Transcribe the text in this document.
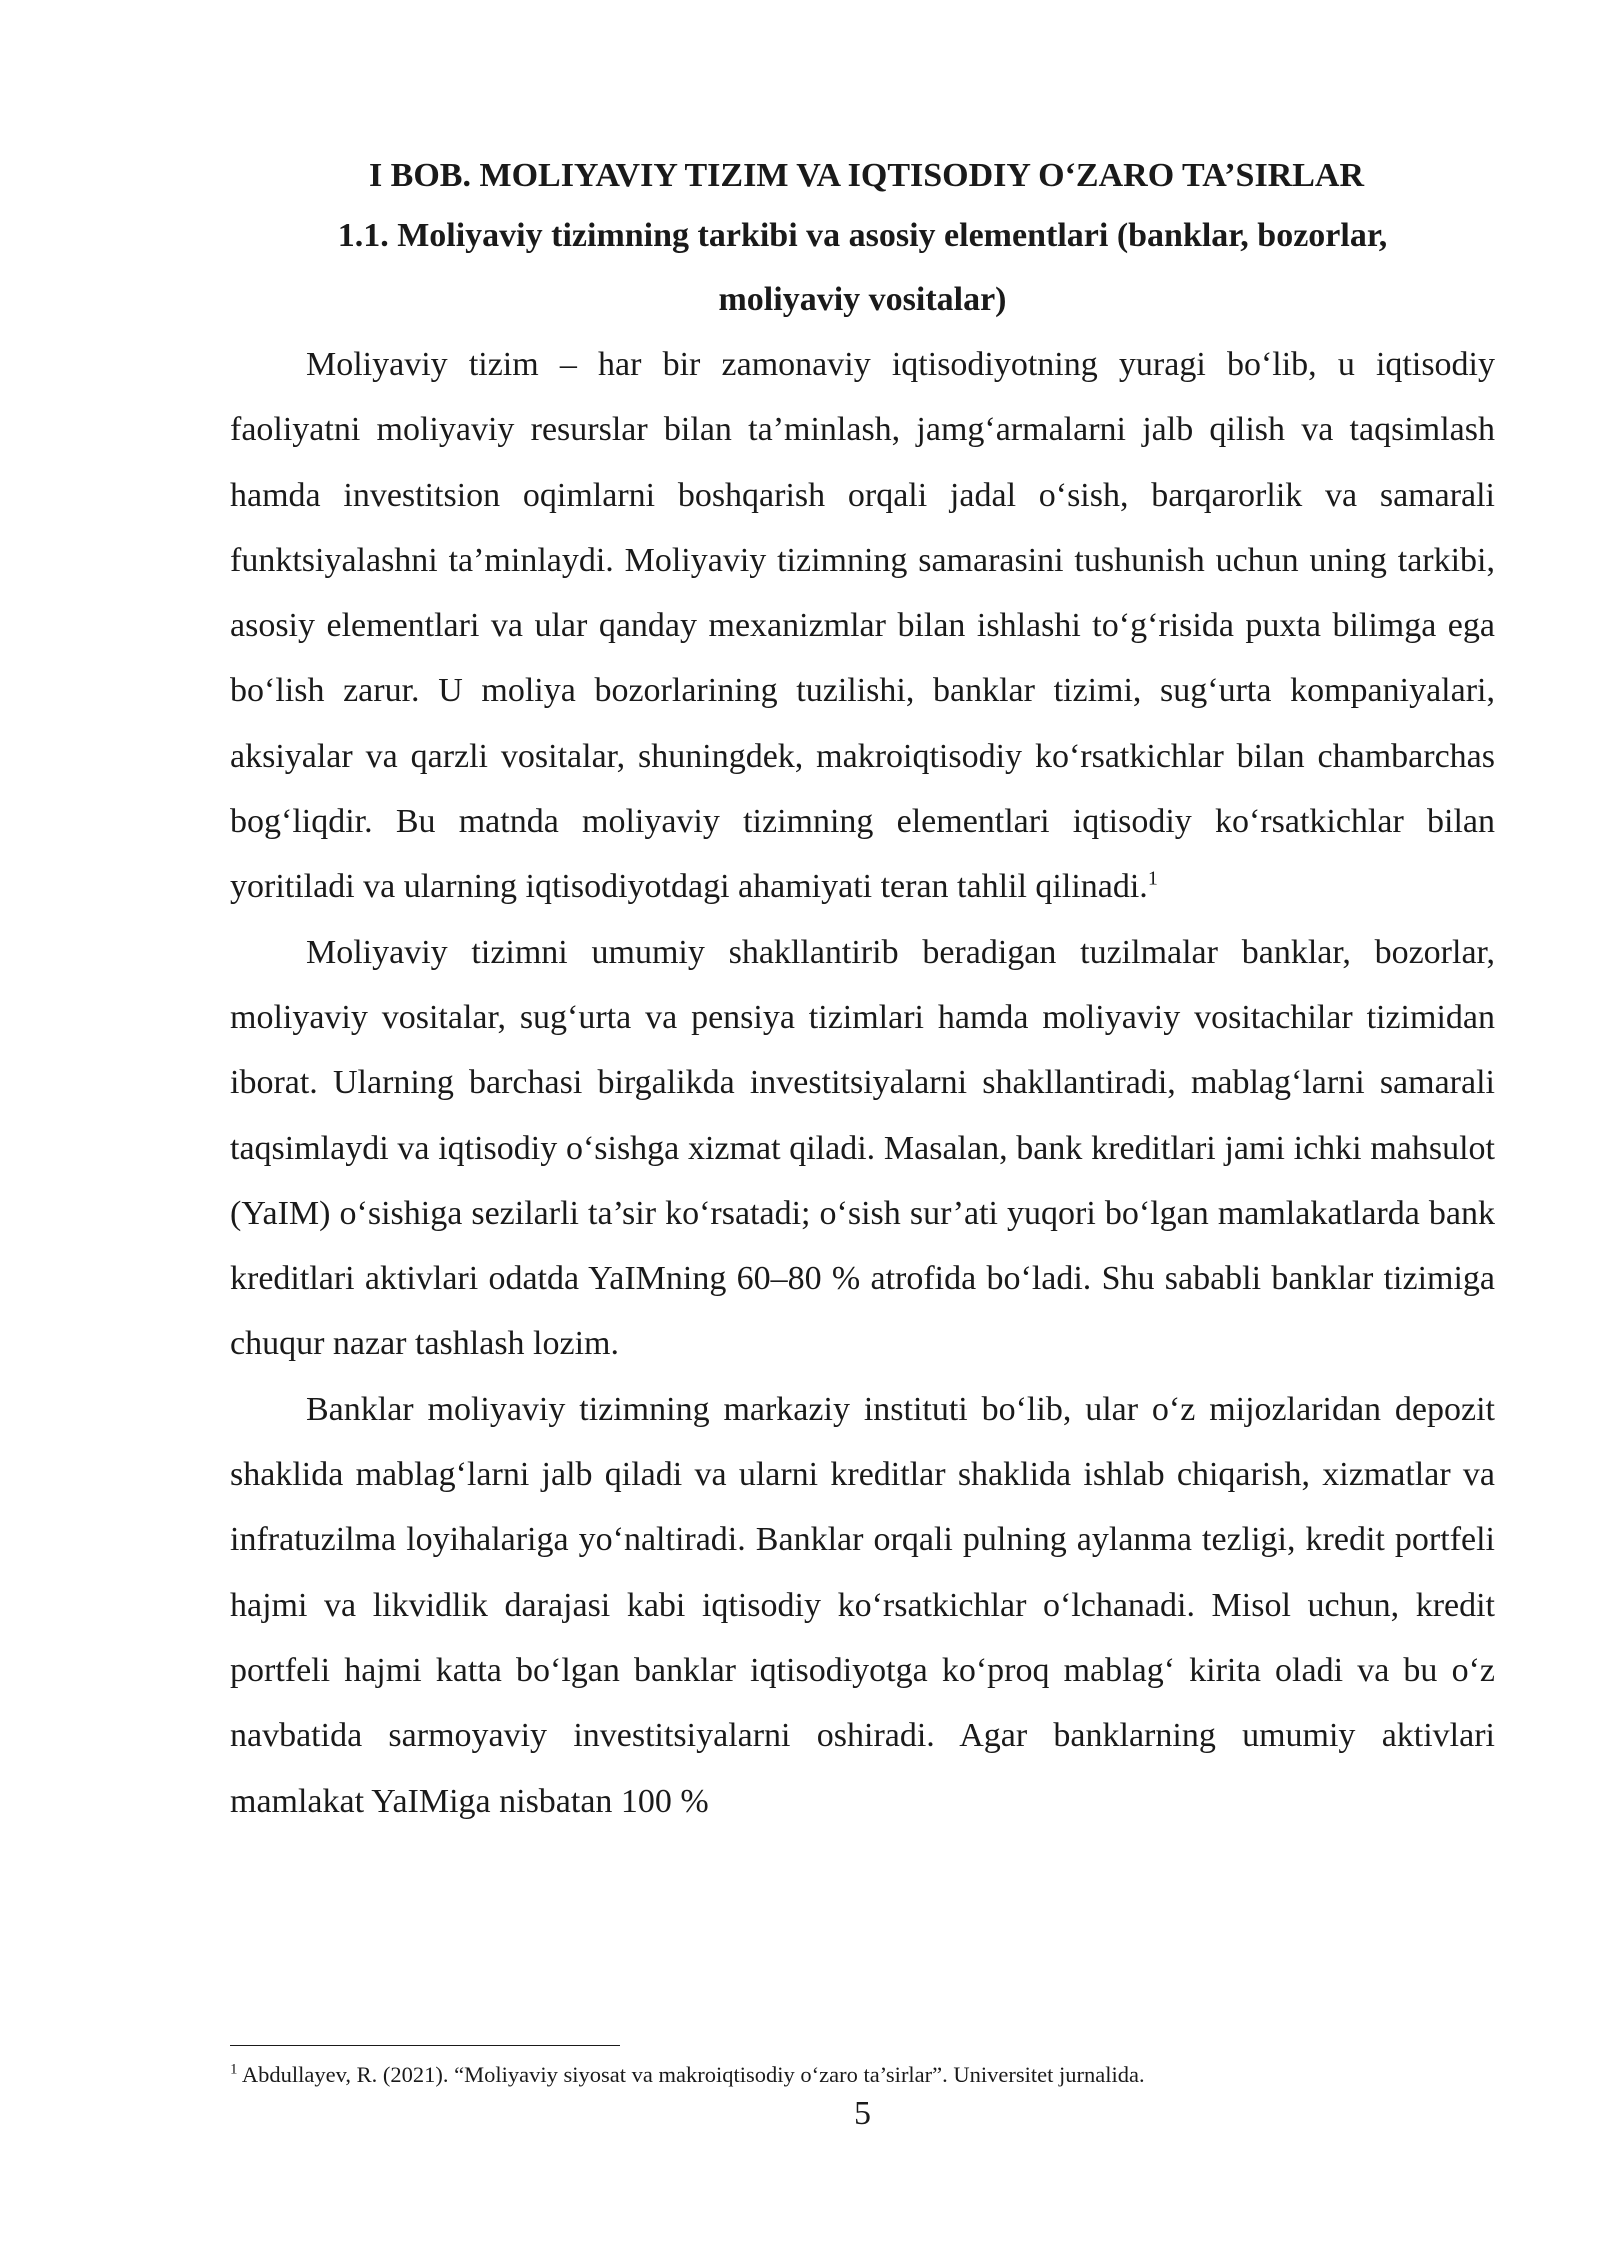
I BOB. MOLIYAVIY TIZIM VA IQTISODIY O‘ZARO TA’SIRLAR
1.1. Moliyaviy tizimning tarkibi va asosiy elementlari (banklar, bozorlar, moliyaviy vositalar)

Moliyaviy tizim – har bir zamonaviy iqtisodiyotning yuragi bo‘lib, u iqtisodiy faoliyatni moliyaviy resurslar bilan ta’minlash, jamg‘armalarni jalb qilish va taqsimlash hamda investitsion oqimlarni boshqarish orqali jadal o‘sish, barqarorlik va samarali funktsiyalashni ta’minlaydi. Moliyaviy tizimning samarasini tushunish uchun uning tarkibi, asosiy elementlari va ular qanday mexanizmlar bilan ishlashi to‘g‘risida puxta bilimga ega bo‘lish zarur. U moliya bozorlarining tuzilishi, banklar tizimi, sug‘urta kompaniyalari, aksiyalar va qarzli vositalar, shuningdek, makroiqtisodiy ko‘rsatkichlar bilan chambarchas bog‘liqdir. Bu matnda moliyaviy tizimning elementlari iqtisodiy ko‘rsatkichlar bilan yoritiladi va ularning iqtisodiyotdagi ahamiyati teran tahlil qilinadi.$^1$

Moliyaviy tizimni umumiy shakllantirib beradigan tuzilmalar banklar, bozorlar, moliyaviy vositalar, sug‘urta va pensiya tizimlari hamda moliyaviy vositachilar tizimidan iborat. Ularning barchasi birgalikda investitsiyalarni shakllantiradi, mablag‘larni samarali taqsimlaydi va iqtisodiy o‘sishga xizmat qiladi. Masalan, bank kreditlari jami ichki mahsulot (YaIM) o‘sishiga sezilarli ta’sir ko‘rsatadi; o‘sish sur’ati yuqori bo‘lgan mamlakatlarda bank kreditlari aktivlari odatda YaIMning 60–80 % atrofida bo‘ladi. Shu sababli banklar tizimiga chuqur nazar tashlash lozim.

Banklar moliyaviy tizimning markaziy instituti bo‘lib, ular o‘z mijozlaridan depozit shaklida mablag‘larni jalb qiladi va ularni kreditlar shaklida ishlab chiqarish, xizmatlar va infratuzilma loyihalariga yo‘naltiradi. Banklar orqali pulning aylanma tezligi, kredit portfeli hajmi va likvidlik darajasi kabi iqtisodiy ko‘rsatkichlar o‘lchanadi. Misol uchun, kredit portfeli hajmi katta bo‘lgan banklar iqtisodiyotga ko‘proq mablag‘ kirita oladi va bu o‘z navbatida sarmoyaviy investitsiyalarni oshiradi. Agar banklarning umumiy aktivlari mamlakat YaIMiga nisbatan 100 %

$^1$ Abdullayev, R. (2021). “Moliyaviy siyosat va makroiqtisodiy o‘zaro ta’sirlar”. Universitet jurnalida.

5
